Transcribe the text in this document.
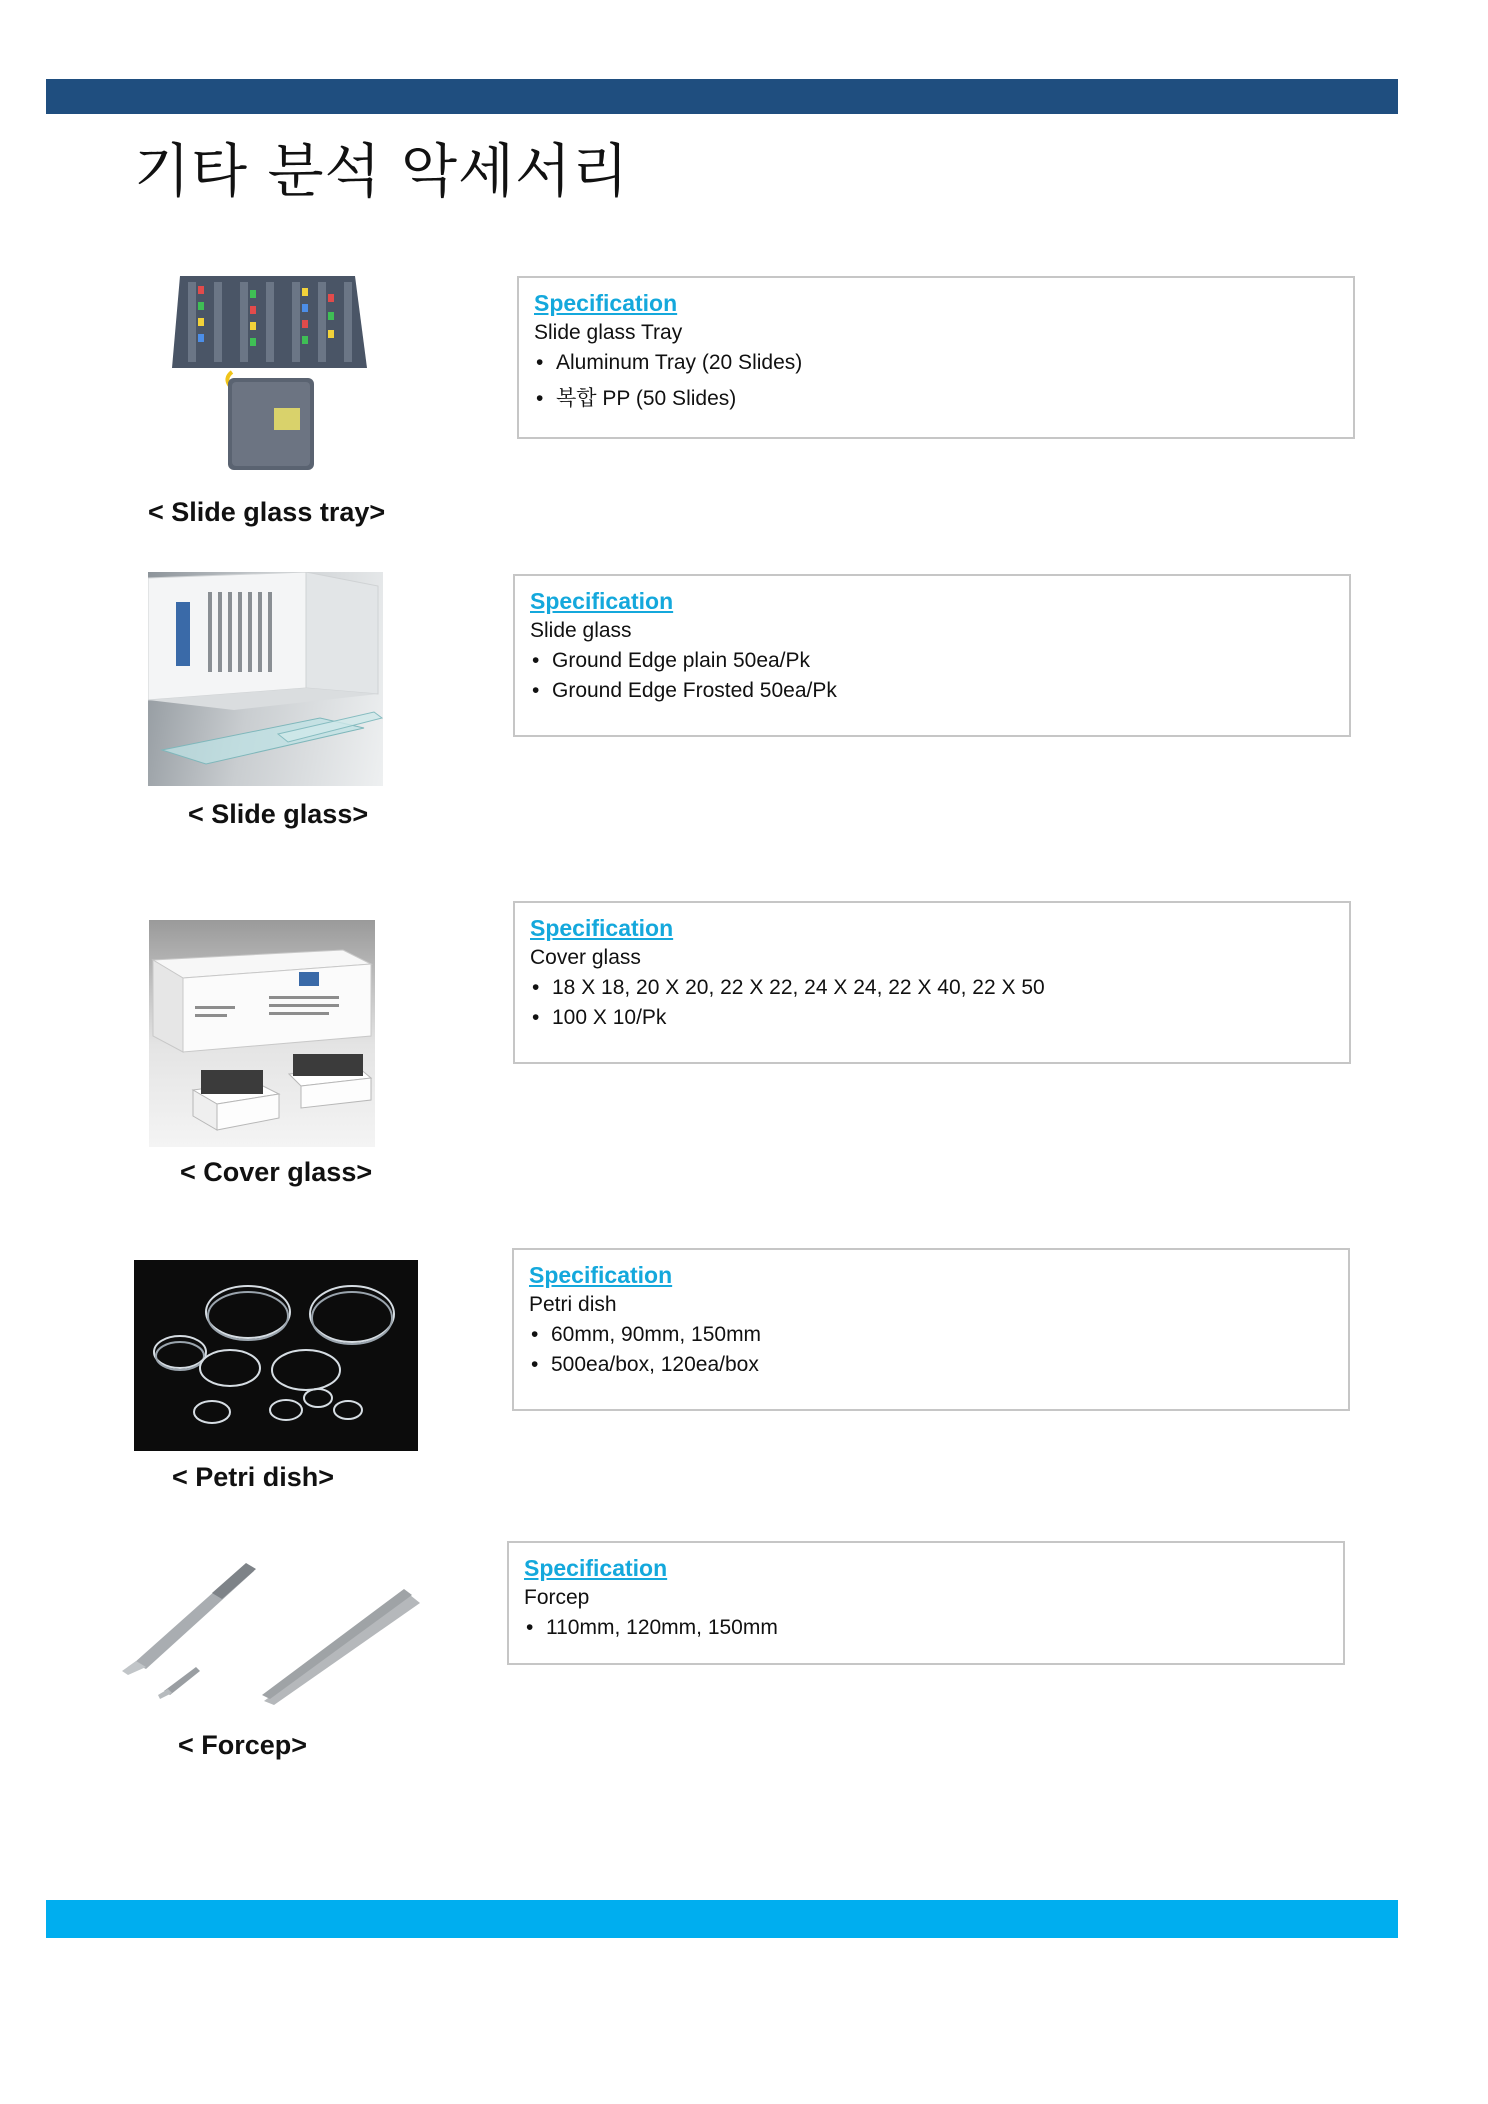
기타 분석 악세서리
< Slide glass tray>
Specification
Slide glass Tray
• Aluminum Tray (20 Slides)
• 복합 PP (50 Slides)
< Slide glass>
Specification
Slide glass
• Ground Edge plain 50ea/Pk
• Ground Edge Frosted 50ea/Pk
< Cover glass>
Specification
Cover glass
• 18 X 18, 20 X 20, 22 X 22, 24 X 24, 22 X 40, 22 X 50
• 100 X 10/Pk
< Petri dish>
Specification
Petri dish
• 60mm, 90mm, 150mm
• 500ea/box, 120ea/box
< Forcep>
Specification
Forcep
• 110mm, 120mm, 150mm
